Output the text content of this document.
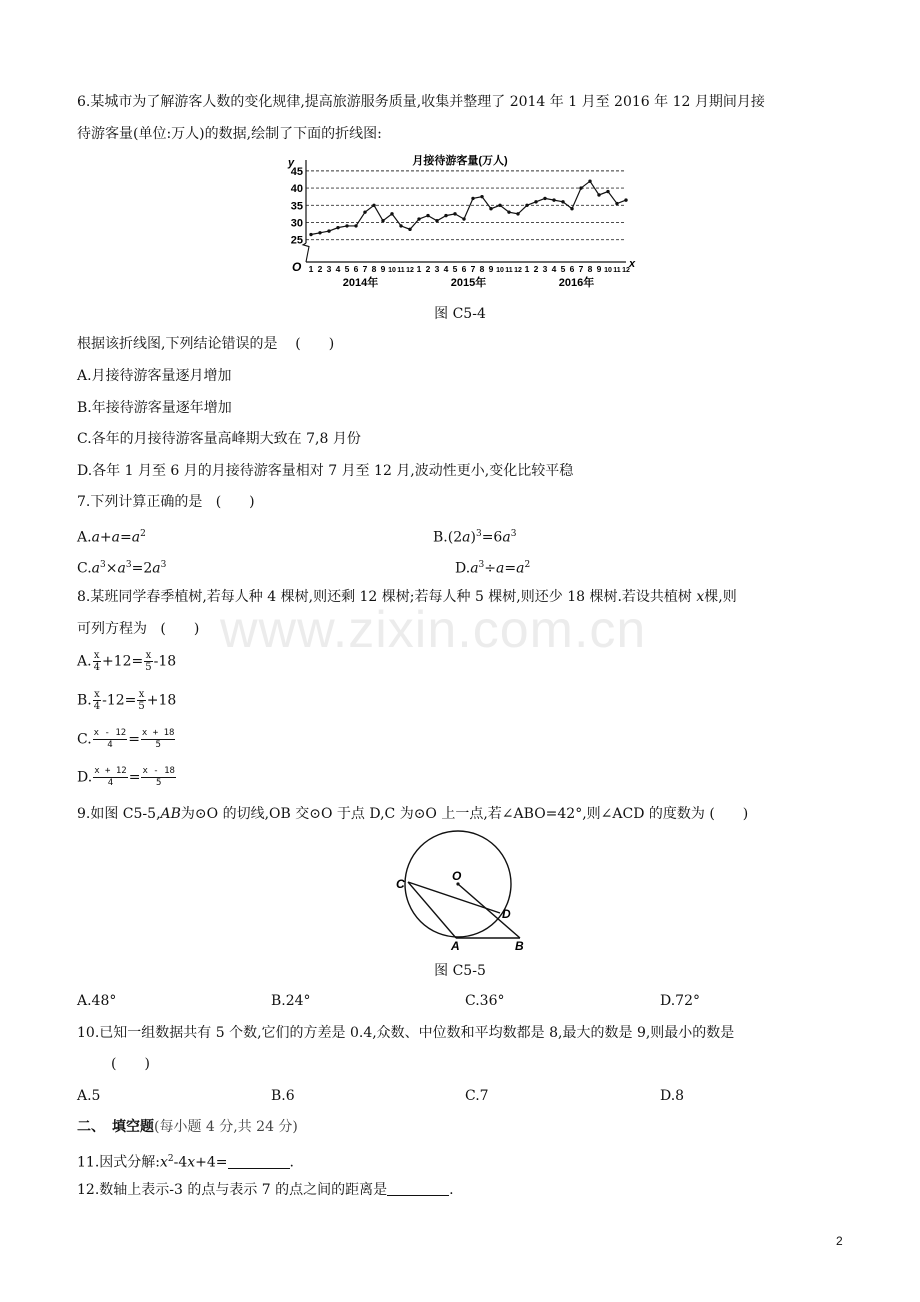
www.zixin.com.cn
6.某城市为了解游客人数的变化规律,提高旅游服务质量,收集并整理了 2014 年 1 月至 2016 年 12 月期间月接
待游客量(单位:万人)的数据,绘制了下面的折线图:
月接待游客量(万人)
25
30
35
40
45
y
x
O 1 2 3 4 5 6 7 8 9 10 11 12 1 2 3 4 5 6 7 8 9 10 11 12 1 2 3 4 5 6 7 8 9 10 11 12
2014年	2015年	2016年
图 C5-4
根据该折线图,下列结论错误的是 (　　)
A.月接待游客量逐月增加
B.年接待游客量逐年增加
C.各年的月接待游客量高峰期大致在 7,8 月份
D.各年 1 月至 6 月的月接待游客量相对 7 月至 12 月,波动性更小,变化比较平稳
7.下列计算正确的是 (　　)
$A.a+a=a^2$	$B.(2a)^3=6a^3$
$C.a^3\times a^3=2a^3$	$D.a^3\div a=a^2$
8.某班同学春季植树,若每人种 4 棵树,则还剩 12 棵树;若每人种 5 棵树,则还少 18 棵树.若设共植树 x棵,则
可列方程为 (　　)
A. $\frac{x}{4} +12= \frac{x}{5} -18$
B. $\frac{x}{4} -12= \frac{x}{5} +18$
C. $\frac{x - 12}{4} = \frac{x + 18}{5}$
D. $\frac{x + 12}{4} = \frac{x - 18}{5}$
9.如图 C5-5,AB为⊙O 的切线,OB 交⊙O 于点 D,C 为⊙O 上一点,若∠ABO=42°,则∠ACD 的度数为 (　　)
C
O
D
A	B
图 C5-5
A.48°	B.24°	C.36°	D.72°
10.已知一组数据共有 5 个数,它们的方差是 0.4,众数、中位数和平均数都是 8,最大的数是 9,则最小的数是
(　　)
A.5	B.6	C.7	D.8
二、　填空题(每小题 4 分,共 24 分)
11.因式分解$:x^2-4x+4=$	.
12.数轴上表示-3 的点与表示 7 的点之间的距离是	.
2
